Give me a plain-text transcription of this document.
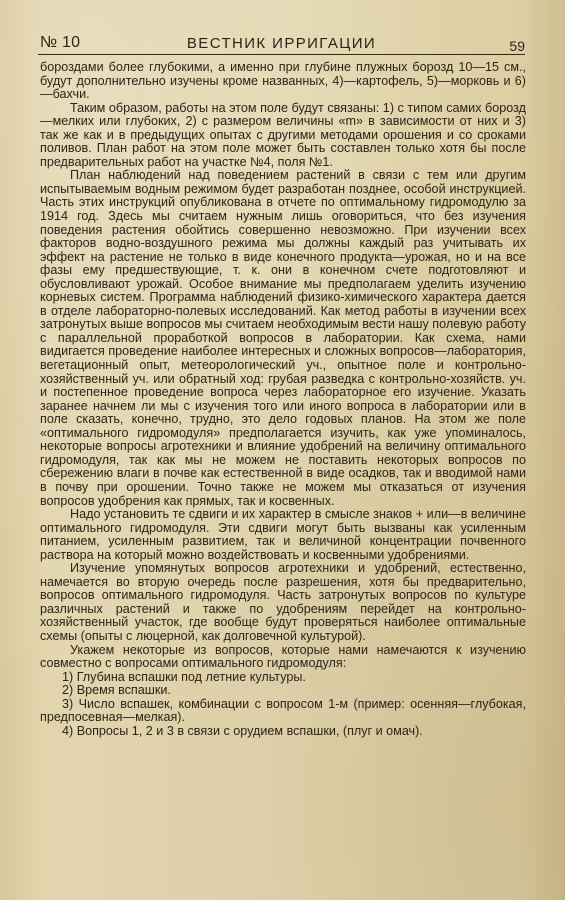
№ 10	ВЕСТНИК ИРРИГАЦИИ	59

бороздами более глубокими, а именно при глубине плужных борозд 10—15 см., будут дополнительно изучены кроме названных, 4)—картофель, 5)—морковь и 6)—бахчи.

Таким образом, работы на этом поле будут связаны: 1) с типом самих борозд—мелких или глубоких, 2) с размером величины «m» в зависимости от них и 3) так же как и в предыдущих опытах с другими методами орошения и со сроками поливов. План работ на этом поле может быть составлен только хотя бы после предварительных работ на участке №4, поля №1.

План наблюдений над поведением растений в связи с тем или другим испытываемым водным режимом будет разработан позднее, особой инструкцией. Часть этих инструкций опубликована в отчете по оптимальному гидромодулю за 1914 год. Здесь мы считаем нужным лишь оговориться, что без изучения поведения растения обойтись совершенно невозможно. При изучении всех факторов водно-воздушного режима мы должны каждый раз учитывать их эффект на растение не только в виде конечного продукта—урожая, но и на все фазы ему предшествующие, т. к. они в конечном счете подготовляют и обусловливают урожай. Особое внимание мы предполагаем уделить изучению корневых систем. Программа наблюдений физико-химического характера дается в отделе лабораторно-полевых исследований. Как метод работы в изучении всех затронутых выше вопросов мы считаем необходимым вести нашу полевую работу с параллельной проработкой вопросов в лаборатории. Как схема, нами видигается проведение наиболее интересных и сложных вопросов—лаборатория, вегетационный опыт, метеорологический уч., опытное поле и контрольно-хозяйственный уч. или обратный ход: грубая разведка с контрольно-хозяйств. уч. и постепенное проведение вопроса через лабораторное его изучение. Указать заранее начнем ли мы с изучения того или иного вопроса в лаборатории или в поле сказать, конечно, трудно, это дело годовых планов. На этом же поле «оптимального гидромодуля» предполагается изучить, как уже упоминалось, некоторые вопросы агротехники и влияние удобрений на величину оптимального гидромодуля, так как мы не можем не поставить некоторых вопросов по сбережению влаги в почве как естественной в виде осадков, так и вводимой нами в почву при орошении. Точно также не можем мы отказаться от изучения вопросов удобрения как прямых, так и косвенных.

Надо установить те сдвиги и их характер в смысле знаков + или—в величине оптимального гидромодуля. Эти сдвиги могут быть вызваны как усиленным питанием, усиленным развитием, так и величиной концентрации почвенного раствора на который можно воздействовать и косвенными удобрениями.

Изучение упомянутых вопросов агротехники и удобрений, естественно, намечается во вторую очередь после разрешения, хотя бы предварительно, вопросов оптимального гидромодуля. Часть затронутых вопросов по культуре различных растений и также по удобрениям перейдет на контрольно-хозяйственный участок, где вообще будут проверяться наиболее оптимальные схемы (опыты с люцерной, как долговечной культурой).

Укажем некоторые из вопросов, которые нами намечаются к изучению совместно с вопросами оптимального гидромодуля:

1) Глубина вспашки под летние культуры.

2) Время вспашки.

3) Число вспашек, комбинации с вопросом 1-м (пример: осенняя—глубокая, предпосевная—мелкая).

4) Вопросы 1, 2 и 3 в связи с орудием вспашки, (плуг и омач).
